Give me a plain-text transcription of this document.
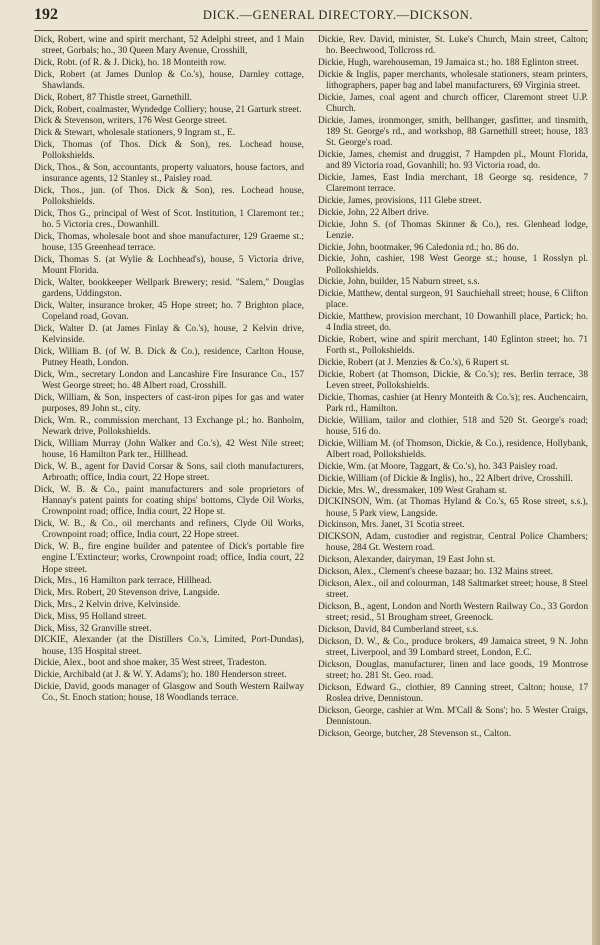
192	DICK.—GENERAL DIRECTORY.—DICKSON.

Dick, Robert, wine and spirit merchant, 52 Adelphi street, and 1 Main street, Gorbals; ho., 30 Queen Mary Avenue, Crosshill,

Dick, Robt. (of R. & J. Dick), ho. 18 Monteith row.

Dick, Robert (at James Dunlop & Co.'s), house, Darnley cottage, Shawlands.

Dick, Robert, 87 Thistle street, Garnethill.

Dick, Robert, coalmaster, Wyndedge Colliery; house, 21 Garturk street.

Dick & Stevenson, writers, 176 West George street.

Dick & Stewart, wholesale stationers, 9 Ingram st., E.

Dick, Thomas (of Thos. Dick & Son), res. Lochead house, Pollokshields.

Dick, Thos., & Son, accountants, property valuators, house factors, and insurance agents, 12 Stanley st., Paisley road.

Dick, Thos., jun. (of Thos. Dick & Son), res. Lochead house, Pollokshields.

Dick, Thos G., principal of West of Scot. Institution, 1 Claremont ter.; ho. 5 Victoria cres., Dowanhill.

Dick, Thomas, wholesale boot and shoe manufacturer, 129 Graeme st.; house, 135 Greenhead terrace.

Dick, Thomas S. (at Wylie & Lochhead's), house, 5 Victoria drive, Mount Florida.

Dick, Walter, bookkeeper Wellpark Brewery; resid. "Salem," Douglas gardens, Uddingston.

Dick, Walter, insurance broker, 45 Hope street; ho. 7 Brighton place, Copeland road, Govan.

Dick, Walter D. (at James Finlay & Co.'s), house, 2 Kelvin drive, Kelvinside.

Dick, William B. (of W. B. Dick & Co.), residence, Carlton House, Putney Heath, London.

Dick, Wm., secretary London and Lancashire Fire Insurance Co., 157 West George street; ho. 48 Albert road, Crosshill.

Dick, William, & Son, inspecters of cast-iron pipes for gas and water purposes, 89 John st., city.

Dick, Wm. R., commission merchant, 13 Exchange pl.; ho. Banholm, Newark drive, Pollokshields.

Dick, William Murray (John Walker and Co.'s), 42 West Nile street; house, 16 Hamilton Park ter., Hillhead.

Dick, W. B., agent for David Corsar & Sons, sail cloth manufacturers, Arbroath; office, India court, 22 Hope street.

Dick, W. B. & Co., paint manufacturers and sole proprietors of Hannay's patent paints for coating ships' bottoms, Clyde Oil Works, Crownpoint road; office, India court, 22 Hope st.

Dick, W. B., & Co., oil merchants and refiners, Clyde Oil Works, Crownpoint road; office, India court, 22 Hope street.

Dick, W. B., fire engine builder and patentee of Dick's portable fire engine L'Extincteur; works, Crownpoint road; office, India court, 22 Hope street.

Dick, Mrs., 16 Hamilton park terrace, Hillhead.

Dick, Mrs. Robert, 20 Stevenson drive, Langside.

Dick, Mrs., 2 Kelvin drive, Kelvinside.

Dick, Miss, 95 Holland street.

Dick, Miss, 32 Granville street.

DICKIE, Alexander (at the Distillers Co.'s, Limited, Port-Dundas), house, 135 Hospital street.

Dickie, Alex., boot and shoe maker, 35 West street, Tradeston.

Dickie, Archibald (at J. & W. Y. Adams'); ho. 180 Henderson street.

Dickie, David, goods manager of Glasgow and South Western Railway Co., St. Enoch station; house, 18 Woodlands terrace.

Dickie, Rev. David, minister, St. Luke's Church, Main street, Calton; ho. Beechwood, Tollcross rd.

Dickie, Hugh, warehouseman, 19 Jamaica st.; ho. 188 Eglinton street.

Dickie & Inglis, paper merchants, wholesale stationers, steam printers, lithographers, paper bag and label manufacturers, 69 Virginia street.

Dickie, James, coal agent and church officer, Claremont street U.P. Church.

Dickie, James, ironmonger, smith, bellhanger, gasfitter, and tinsmith, 189 St. George's rd., and workshop, 88 Garnethill street; house, 183 St. George's road.

Dickie, James, chemist and druggist, 7 Hampden pl., Mount Florida, and 89 Victoria road, Govanhill; ho. 93 Victoria road, do.

Dickie, James, East India merchant, 18 George sq. residence, 7 Claremont terrace.

Dickie, James, provisions, 111 Glebe street.

Dickie, John, 22 Albert drive.

Dickie, John S. (of Thomas Skinner & Co.), res. Glenhead lodge, Lenzie.

Dickie, John, bootmaker, 96 Caledonia rd.; ho. 86 do.

Dickie, John, cashier, 198 West George st.; house, 1 Rosslyn pl. Pollokshields.

Dickie, John, builder, 15 Naburn street, s.s.

Dickie, Matthew, dental surgeon, 91 Sauchiehall street; house, 6 Clifton place.

Dickie, Matthew, provision merchant, 10 Dowanhill place, Partick; ho. 4 India street, do.

Dickie, Robert, wine and spirit merchant, 140 Eglinton street; ho. 71 Forth st., Pollokshields.

Dickie, Robert (at J. Menzies & Co.'s), 6 Rupert st.

Dickie, Robert (at Thomson, Dickie, & Co.'s); res. Berlin terrace, 38 Leven street, Pollokshields.

Dickie, Thomas, cashier (at Henry Monteith & Co.'s); res. Auchencairn, Park rd., Hamilton.

Dickie, William, tailor and clothier, 518 and 520 St. George's road; house, 516 do.

Dickie, William M. (of Thomson, Dickie, & Co.), residence, Hollybank, Albert road, Pollokshields.

Dickie, Wm. (at Moore, Taggart, & Co.'s), ho. 343 Paisley road.

Dickie, William (of Dickie & Inglis), ho., 22 Albert drive, Crosshill.

Dickie, Mrs. W., dressmaker, 109 West Graham st.

DICKINSON, Wm. (at Thomas Hyland & Co.'s, 65 Rose street, s.s.), house, 5 Park view, Langside.

Dickinson, Mrs. Janet, 31 Scotia street.

DICKSON, Adam, custodier and registrar, Central Police Chambers; house, 284 Gt. Western road.

Dickson, Alexander, dairyman, 19 East John st.

Dickson, Alex., Clement's cheese bazaar; ho. 132 Mains street.

Dickson, Alex., oil and colourman, 148 Saltmarket street; house, 8 Steel street.

Dickson, B., agent, London and North Western Railway Co., 33 Gordon street; resid., 51 Brougham street, Greenock.

Dickson, David, 84 Cumberland street, s.s.

Dickson, D. W., & Co., produce brokers, 49 Jamaica street, 9 N. John street, Liverpool, and 39 Lombard street, London, E.C.

Dickson, Douglas, manufacturer, linen and lace goods, 19 Montrose street; ho. 281 St. Geo. road.

Dickson, Edward G., clothier, 89 Canning street, Calton; house, 17 Roslea drive, Dennistoun.

Dickson, George, cashier at Wm. M'Call & Sons'; ho. 5 Wester Craigs, Dennistoun.

Dickson, George, butcher, 28 Stevenson st., Calton.
